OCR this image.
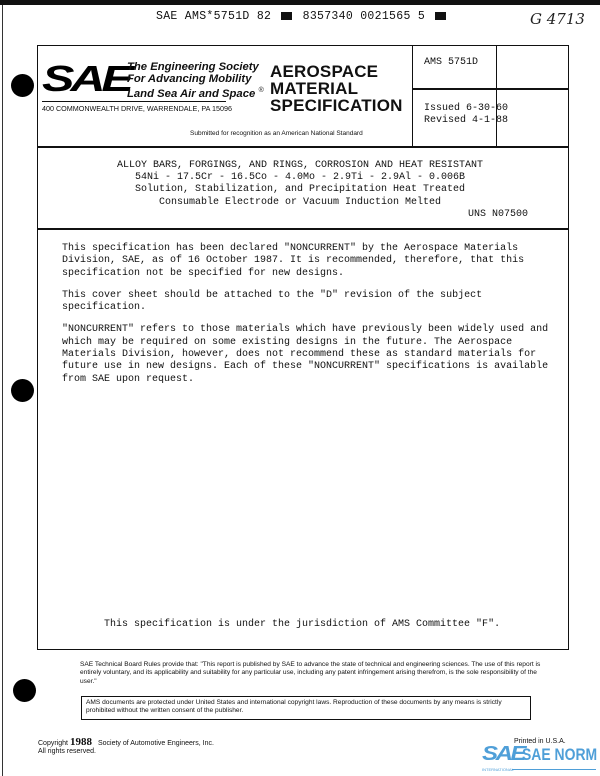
SAE AMS*5751D 82	8357340 0021565 5	G 4713
SAE
The Engineering Society
For Advancing Mobility
Land Sea Air and Space ®
400 COMMONWEALTH DRIVE, WARRENDALE, PA 15096
AEROSPACE
MATERIAL
SPECIFICATION
Submitted for recognition as an American National Standard
AMS 5751D
Issued 6-30-60
Revised 4-1-88
ALLOY BARS, FORGINGS, AND RINGS, CORROSION AND HEAT RESISTANT
54Ni - 17.5Cr - 16.5Co - 4.0Mo - 2.9Ti - 2.9Al - 0.006B
Solution, Stabilization, and Precipitation Heat Treated
Consumable Electrode or Vacuum Induction Melted
UNS N07500

This specification has been declared "NONCURRENT" by the Aerospace Materials Division, SAE, as of 16 October 1987. It is recommended, therefore, that this specification not be specified for new designs.

This cover sheet should be attached to the "D" revision of the subject specification.

"NONCURRENT" refers to those materials which have previously been widely used and which may be required on some existing designs in the future. The Aerospace Materials Division, however, does not recommend these as standard materials for future use in new designs. Each of these "NONCURRENT" specifications is available from SAE upon request.

This specification is under the jurisdiction of AMS Committee "F".
SAE Technical Board Rules provide that: "This report is published by SAE to advance the state of technical and engineering sciences. The use of this report is entirely voluntary, and its applicability and suitability for any particular use, including any patent infringement arising therefrom, is the sole responsibility of the user."
AMS documents are protected under United States and international copyright laws. Reproduction of these documents by any means is strictly prohibited without the written consent of the publisher.
Copyright 1988 Society of Automotive Engineers, Inc.
All rights reserved.
Printed in U.S.A.
SAE
SAE NORM
INTERNATIONAL
